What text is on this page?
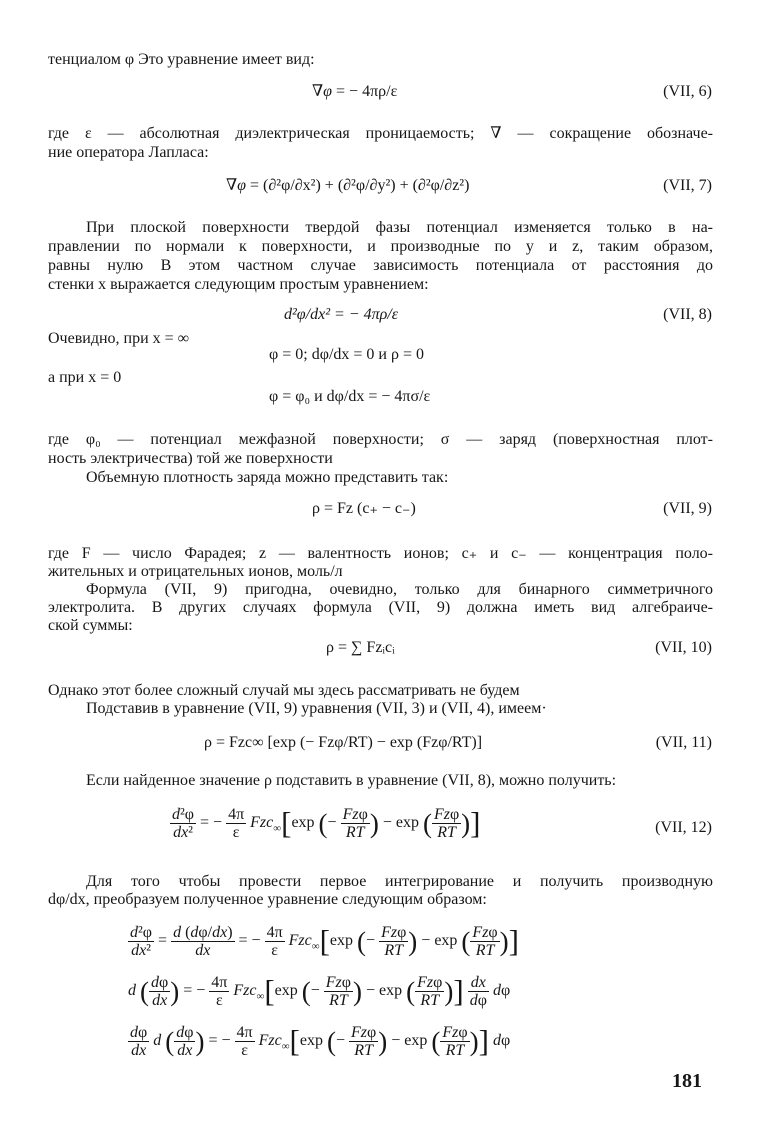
тенциалом φ Это уравнение имеет вид:
∇φ = − 4πρ/ε	(VII, 6)
где ε — абсолютная диэлектрическая проницаемость; ∇ — сокращение обозначе-
ние оператора Лапласа:
∇φ = (∂²φ/∂x²) + (∂²φ/∂y²) + (∂²φ/∂z²)	(VII, 7)
При плоской поверхности твердой фазы потенциал изменяется только в на-
правлении по нормали к поверхности, и производные по y и z, таким образом,
равны нулю В этом частном случае зависимость потенциала от расстояния до
стенки x выражается следующим простым уравнением:
d²φ/dx² = − 4πρ/ε	(VII, 8)
Очевидно, при x = ∞
φ = 0; dφ/dx = 0 и ρ = 0
а при x = 0
φ = φ₀ и dφ/dx = − 4πσ/ε
где φ₀ — потенциал межфазной поверхности; σ — заряд (поверхностная плот-
ность электричества) той же поверхности
Объемную плотность заряда можно представить так:
ρ = Fz (c₊ − c₋)	(VII, 9)
где F — число Фарадея; z — валентность ионов; c₊ и c₋ — концентрация поло-
жительных и отрицательных ионов, моль/л
Формула (VII, 9) пригодна, очевидно, только для бинарного симметричного
электролита. В других случаях формула (VII, 9) должна иметь вид алгебраиче-
ской суммы:
ρ = ∑ Fzᵢcᵢ	(VII, 10)
Однако этот более сложный случай мы здесь рассматривать не будем
Подставив в уравнение (VII, 9) уравнения (VII, 3) и (VII, 4), имеем·
ρ = Fzc∞ [exp (− Fzφ/RT) − exp (Fzφ/RT)]	(VII, 11)
Если найденное значение ρ подставить в уравнение (VII, 8), можно получить:
$\frac{\text{d²φ}}{\text{dx²}}$ = − $\frac{4\pi}{\varepsilon} Fzc_\infty[\exp$ (− Fzφ
RT ) − exp ( Fzφ
RT )]	(VII, 12)
Для того чтобы провести первое интегрирование и получить производную
dφ/dx, преобразуем полученное уравнение следующим образом:
$\frac{\text{d²φ}}{\text{dx²}} = \frac{d (d\varphi/dx)}{dx}$ = − $\frac{4\pi}{\varepsilon} Fzc_\infty[\exp$ (− Fzφ
RT ) − exp ( Fzφ
RT )]
d ( $\frac{d\varphi}{dx}$ ) = − $\frac{4\pi}{\varepsilon} Fzc_\infty[\exp$ (− Fzφ
RT ) − exp ( Fzφ
RT )] $\frac{dx}{d\varphi}$ dφ
$\frac{d\varphi}{dx}$ d ( $\frac{d\varphi}{dx}$ ) = − $\frac{4\pi}{\varepsilon} Fzc_\infty[\exp$ (− Fzφ
RT ) − exp ( Fzφ
RT )] dφ
181
